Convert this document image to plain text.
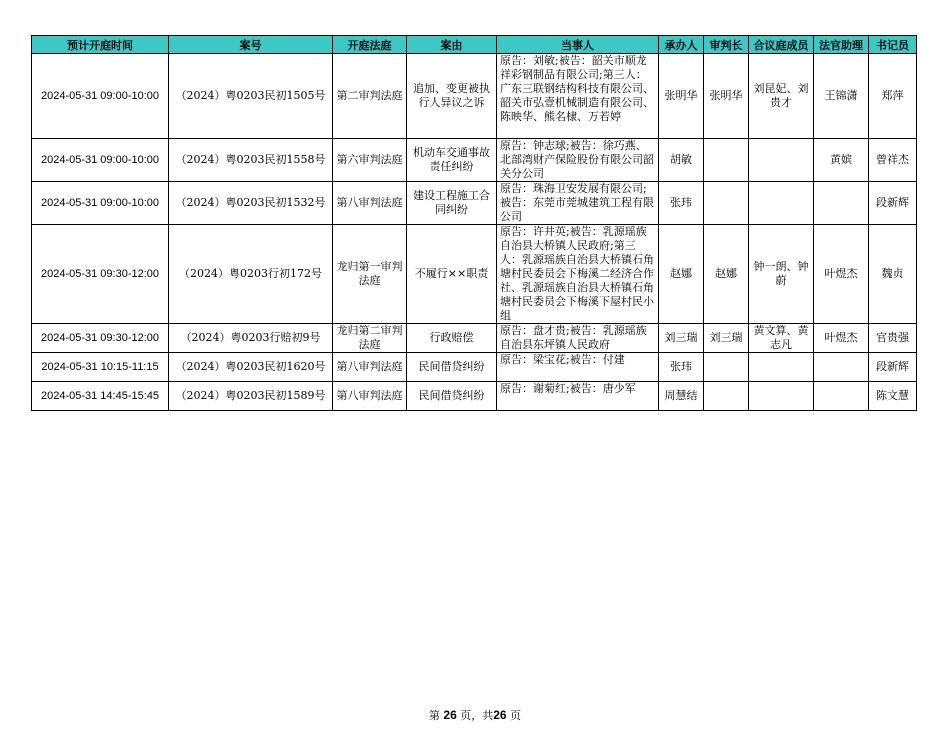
预计开庭时间	案号	开庭法庭	案由	当事人	承办人	审判长	合议庭成员	法官助理	书记员
2024-05-31 09:00-10:00	（2024）粤0203民初1505号	第二审判法庭	追加、变更被执行人异议之诉	原告：刘敏;被告：韶关市顺龙祥彩钢制品有限公司;第三人：广东三联钢结构科技有限公司、韶关市弘壹机械制造有限公司、陈映华、熊名棣、万若婷	张明华	张明华	刘昆妃、刘贵才	王锦潇	郑萍
2024-05-31 09:00-10:00	（2024）粤0203民初1558号	第六审判法庭	机动车交通事故责任纠纷	原告：钟志球;被告：徐巧燕、北部湾财产保险股份有限公司韶关分公司	胡敏			黄嫔	曾祥杰
2024-05-31 09:00-10:00	（2024）粤0203民初1532号	第八审判法庭	建设工程施工合同纠纷	原告：珠海卫安发展有限公司;被告：东莞市莞城建筑工程有限公司	张玮				段新辉
2024-05-31 09:30-12:00	（2024）粤0203行初172号	龙归第一审判法庭	不履行××职责	原告：许井英;被告：乳源瑶族自治县大桥镇人民政府;第三人：乳源瑶族自治县大桥镇石角塘村民委员会下梅溪二经济合作社、乳源瑶族自治县大桥镇石角塘村民委员会下梅溪下屋村民小组	赵娜	赵娜	钟一朗、钟蔚	叶煜杰	魏贞
2024-05-31 09:30-12:00	（2024）粤0203行赔初9号	龙归第二审判法庭	行政赔偿	原告：盘才贵;被告：乳源瑶族自治县东坪镇人民政府	刘三瑞	刘三瑞	黄文算、黄志凡	叶煜杰	官贵强
2024-05-31 10:15-11:15	（2024）粤0203民初1620号	第八审判法庭	民间借贷纠纷	原告：梁宝花;被告：付建	张玮				段新辉
2024-05-31 14:45-15:45	（2024）粤0203民初1589号	第八审判法庭	民间借贷纠纷	原告：谢菊红;被告：唐少军	周慧结				陈文慧
第 26 页，共26 页
